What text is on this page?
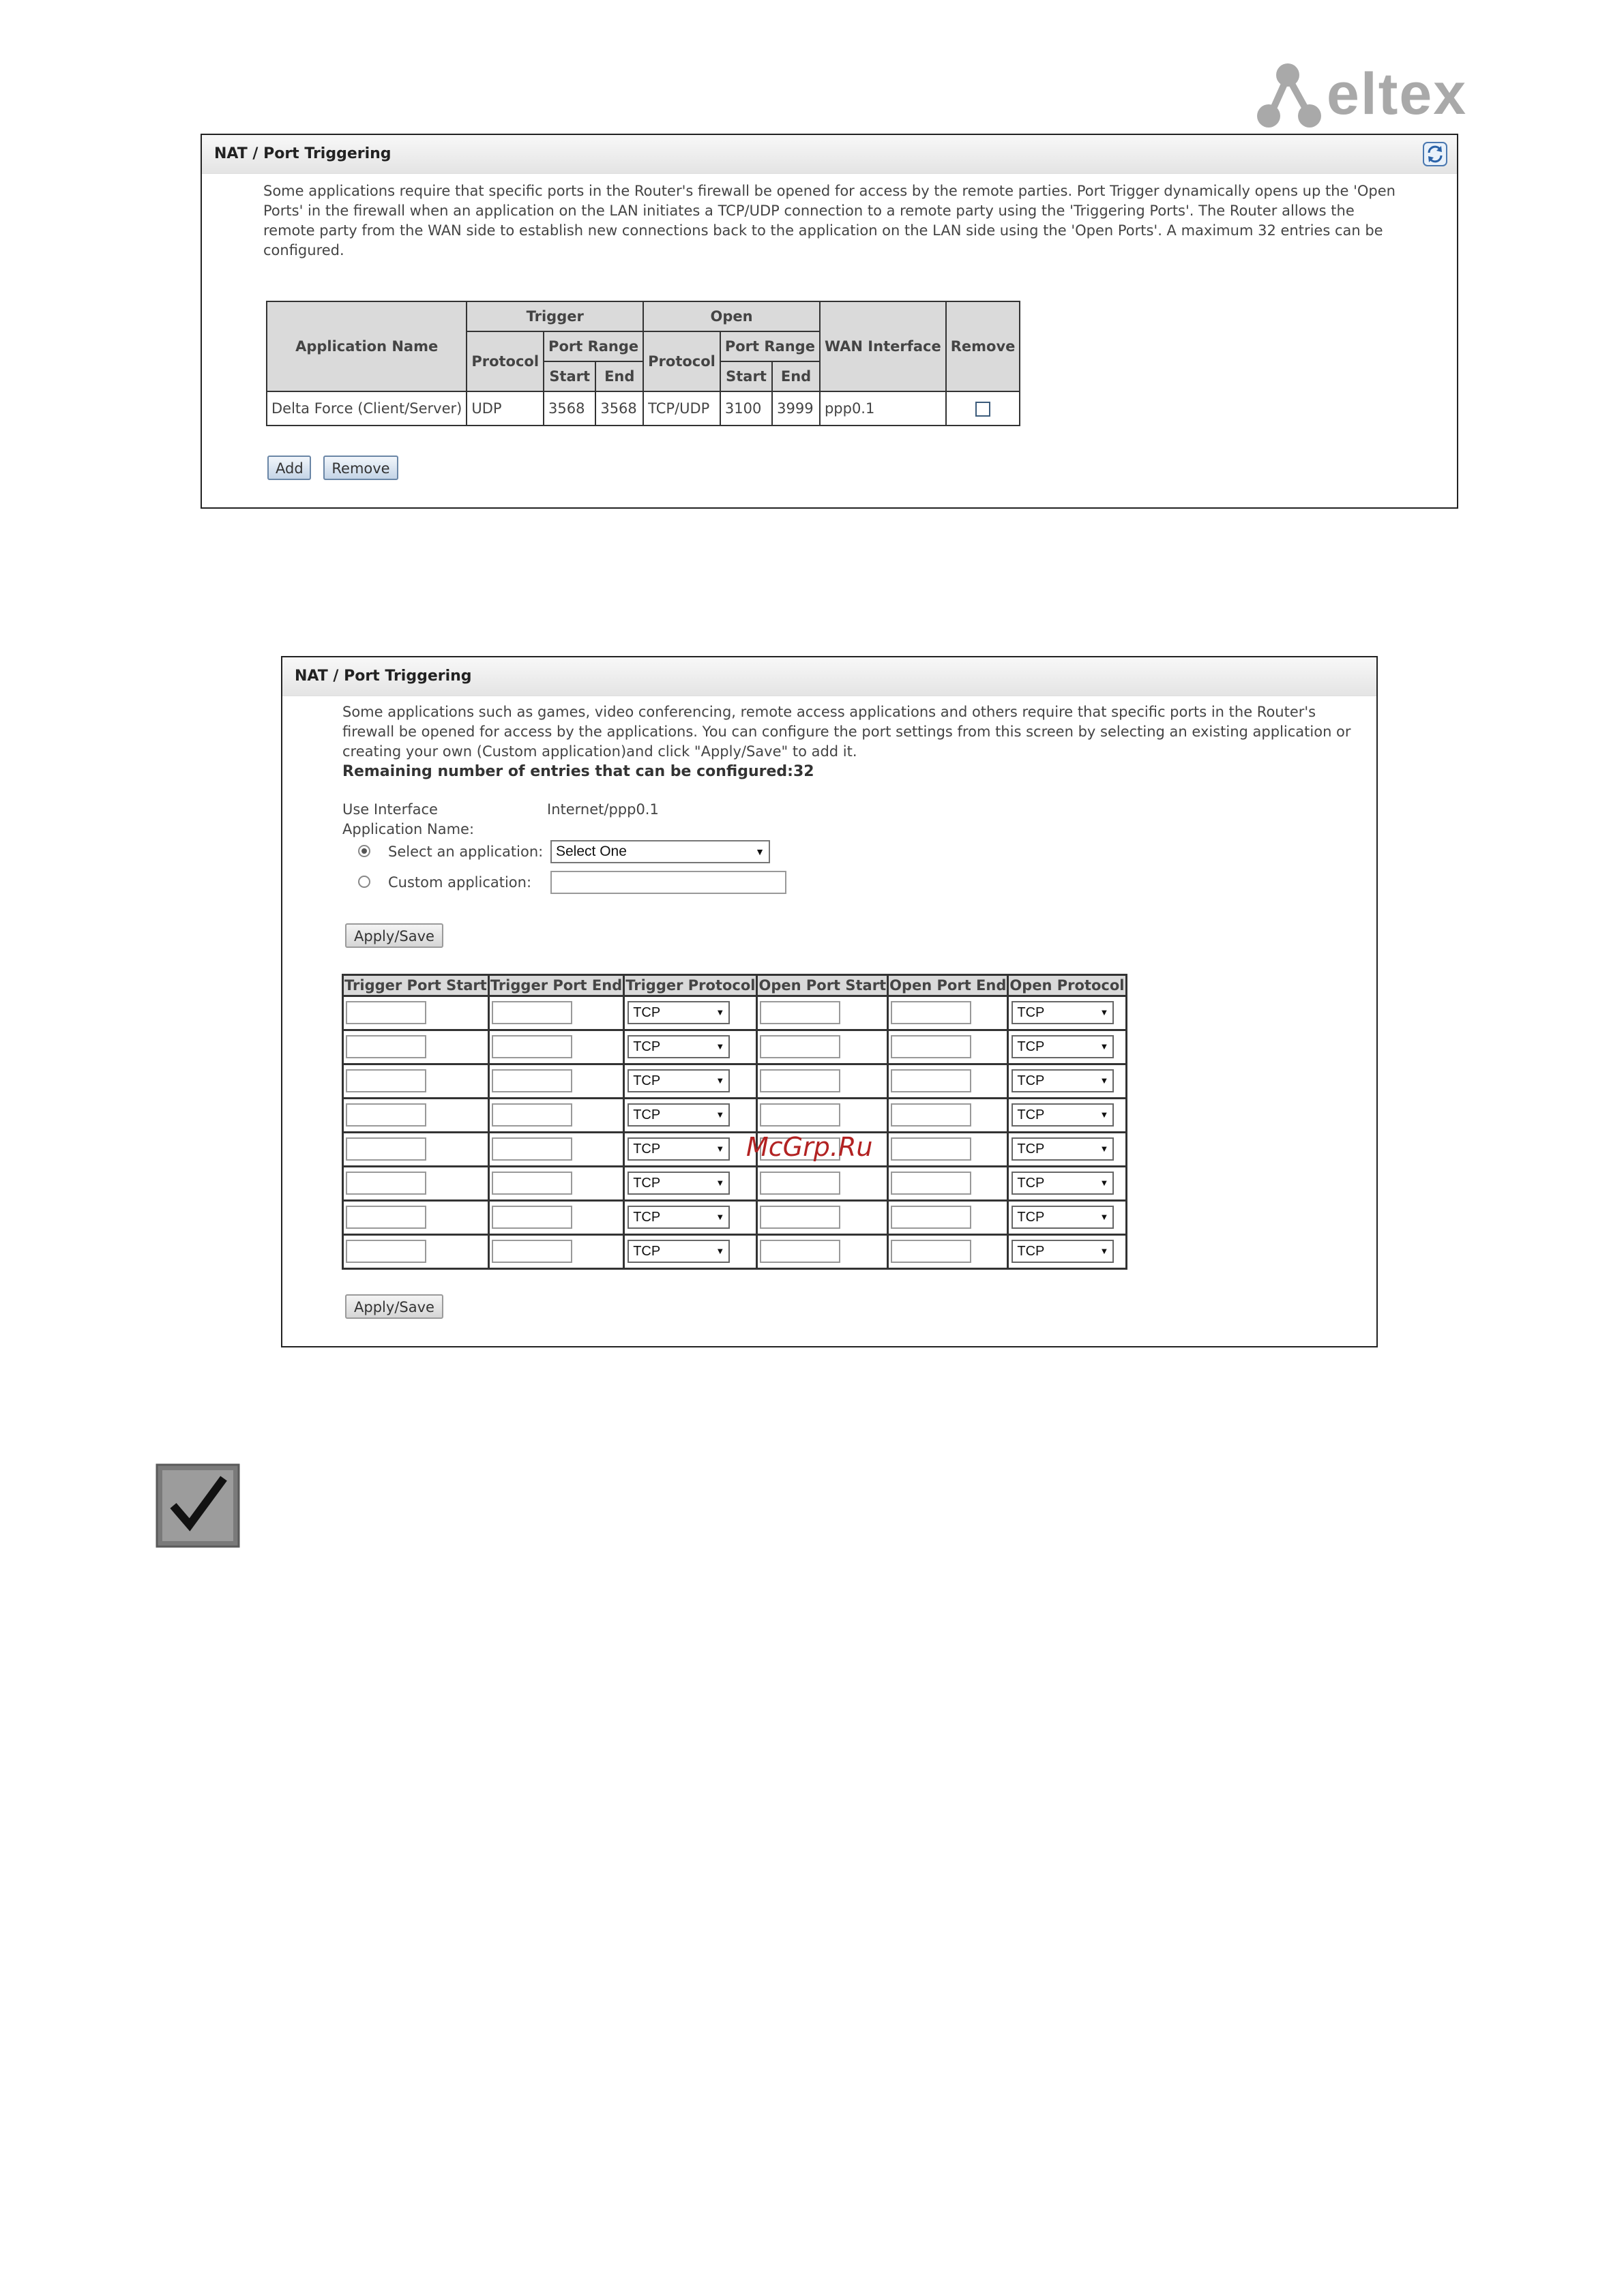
eltex
NAT / Port Triggering
Some applications require that specific ports in the Router's firewall be opened for access by the remote parties. Port Trigger dynamically opens up the 'Open Ports' in the firewall when an application on the LAN initiates a TCP/UDP connection to a remote party using the 'Triggering Ports'. The Router allows the remote party from the WAN side to establish new connections back to the application on the LAN side using the 'Open Ports'. A maximum 32 entries can be configured.
Application Name	Trigger			Open			WAN Interface	Remove
	Protocol	Port Range		Protocol	Port Range			
		Start	End		Start	End		
Delta Force (Client/Server)	UDP	3568	3568	TCP/UDP	3100	3999	ppp0.1	
Add	Remove
NAT / Port Triggering
Some applications such as games, video conferencing, remote access applications and others require that specific ports in the Router's firewall be opened for access by the applications. You can configure the port settings from this screen by selecting an existing application or creating your own (Custom application)and click "Apply/Save" to add it.
Remaining number of entries that can be configured:32
Use Interface	Internet/ppp0.1
Application Name:
Select an application: Select One	▼
Custom application:
Apply/Save
Trigger Port Start	Trigger Port End	Trigger Protocol	Open Port Start	Open Port End	Open Protocol

		TCP ▼			TCP ▼

		TCP ▼			TCP ▼

		TCP ▼			TCP ▼

		TCP ▼			TCP ▼

		TCP ▼			TCP ▼

		TCP ▼			TCP ▼

		TCP ▼			TCP ▼

		TCP ▼			TCP ▼
Apply/Save
McGrp.Ru
